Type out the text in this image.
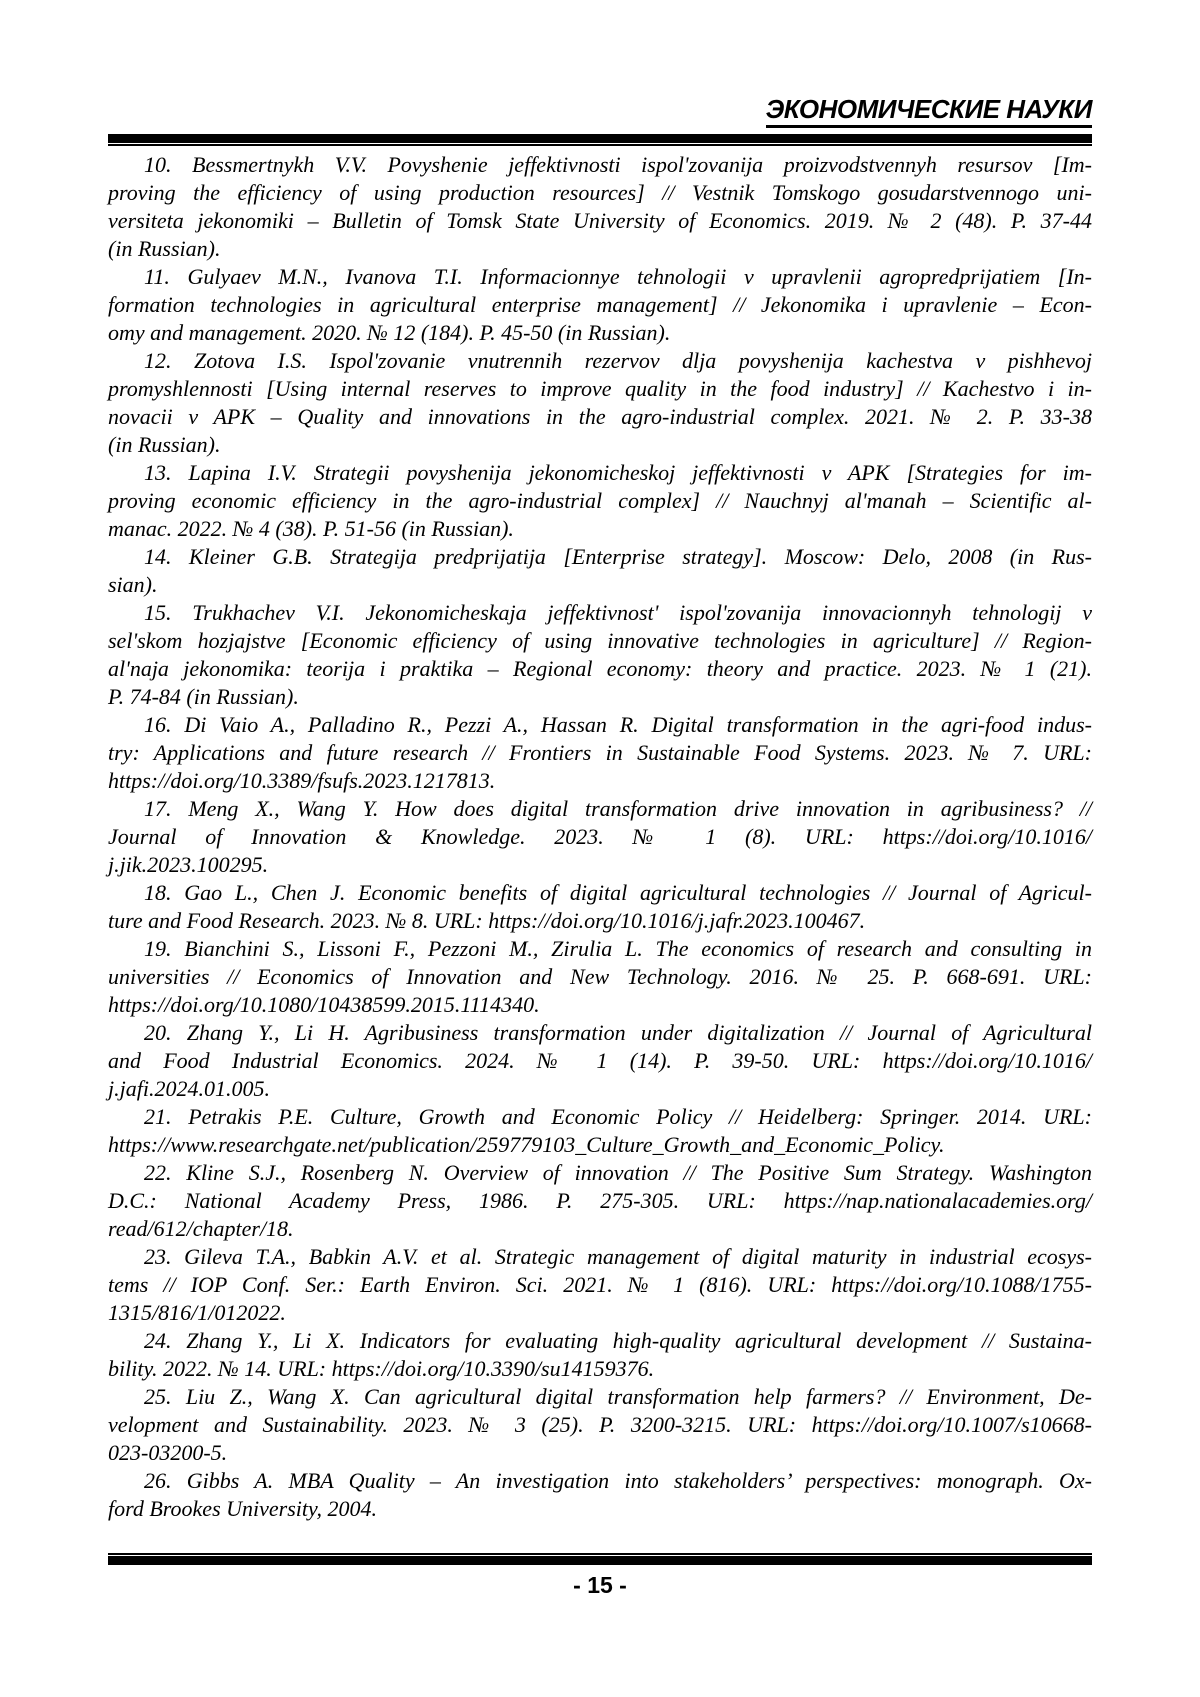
ЭКОНОМИЧЕСКИЕ НАУКИ
10. Bessmertnykh V.V. Povyshenie jeffektivnosti ispol'zovanija proizvodstvennyh resursov [Im-
proving the efficiency of using production resources] // Vestnik Tomskogo gosudarstvennogo uni-
versiteta jekonomiki – Bulletin of Tomsk State University of Economics. 2019. № 2 (48). P. 37-44
(in Russian).
11. Gulyaev M.N., Ivanova T.I. Informacionnye tehnologii v upravlenii agropredprijatiem [In-
formation technologies in agricultural enterprise management] // Jekonomika i upravlenie – Econ-
omy and management. 2020. № 12 (184). P. 45-50 (in Russian).
12. Zotova I.S. Ispol'zovanie vnutrennih rezervov dlja povyshenija kachestva v pishhevoj
promyshlennosti [Using internal reserves to improve quality in the food industry] // Kachestvo i in-
novacii v APK – Quality and innovations in the agro-industrial complex. 2021. № 2. P. 33-38
(in Russian).
13. Lapina I.V. Strategii povyshenija jekonomicheskoj jeffektivnosti v APK [Strategies for im-
proving economic efficiency in the agro-industrial complex] // Nauchnyj al'manah – Scientific al-
manac. 2022. № 4 (38). P. 51-56 (in Russian).
14. Kleiner G.B. Strategija predprijatija [Enterprise strategy]. Moscow: Delo, 2008 (in Rus-
sian).
15. Trukhachev V.I. Jekonomicheskaja jeffektivnost' ispol'zovanija innovacionnyh tehnologij v
sel'skom hozjajstve [Economic efficiency of using innovative technologies in agriculture] // Region-
al'naja jekonomika: teorija i praktika – Regional economy: theory and practice. 2023. № 1 (21).
P. 74-84 (in Russian).
16. Di Vaio A., Palladino R., Pezzi A., Hassan R. Digital transformation in the agri-food indus-
try: Applications and future research // Frontiers in Sustainable Food Systems. 2023. № 7. URL:
https://doi.org/10.3389/fsufs.2023.1217813.
17. Meng X., Wang Y. How does digital transformation drive innovation in agribusiness? //
Journal of Innovation & Knowledge. 2023. № 1 (8). URL: https://doi.org/10.1016/
j.jik.2023.100295.
18. Gao L., Chen J. Economic benefits of digital agricultural technologies // Journal of Agricul-
ture and Food Research. 2023. № 8. URL: https://doi.org/10.1016/j.jafr.2023.100467.
19. Bianchini S., Lissoni F., Pezzoni M., Zirulia L. The economics of research and consulting in
universities // Economics of Innovation and New Technology. 2016. № 25. P. 668-691. URL:
https://doi.org/10.1080/10438599.2015.1114340.
20. Zhang Y., Li H. Agribusiness transformation under digitalization // Journal of Agricultural
and Food Industrial Economics. 2024. № 1 (14). P. 39-50. URL: https://doi.org/10.1016/
j.jafi.2024.01.005.
21. Petrakis P.E. Culture, Growth and Economic Policy // Heidelberg: Springer. 2014. URL:
https://www.researchgate.net/publication/259779103_Culture_Growth_and_Economic_Policy.
22. Kline S.J., Rosenberg N. Overview of innovation // The Positive Sum Strategy. Washington
D.C.: National Academy Press, 1986. P. 275-305. URL: https://nap.nationalacademies.org/
read/612/chapter/18.
23. Gileva T.A., Babkin A.V. et al. Strategic management of digital maturity in industrial ecosys-
tems // IOP Conf. Ser.: Earth Environ. Sci. 2021. № 1 (816). URL: https://doi.org/10.1088/1755-
1315/816/1/012022.
24. Zhang Y., Li X. Indicators for evaluating high-quality agricultural development // Sustaina-
bility. 2022. № 14. URL: https://doi.org/10.3390/su14159376.
25. Liu Z., Wang X. Can agricultural digital transformation help farmers? // Environment, De-
velopment and Sustainability. 2023. № 3 (25). P. 3200-3215. URL: https://doi.org/10.1007/s10668-
023-03200-5.
26. Gibbs A. MBA Quality – An investigation into stakeholders’ perspectives: monograph. Ox-
ford Brookes University, 2004.
- 15 -
